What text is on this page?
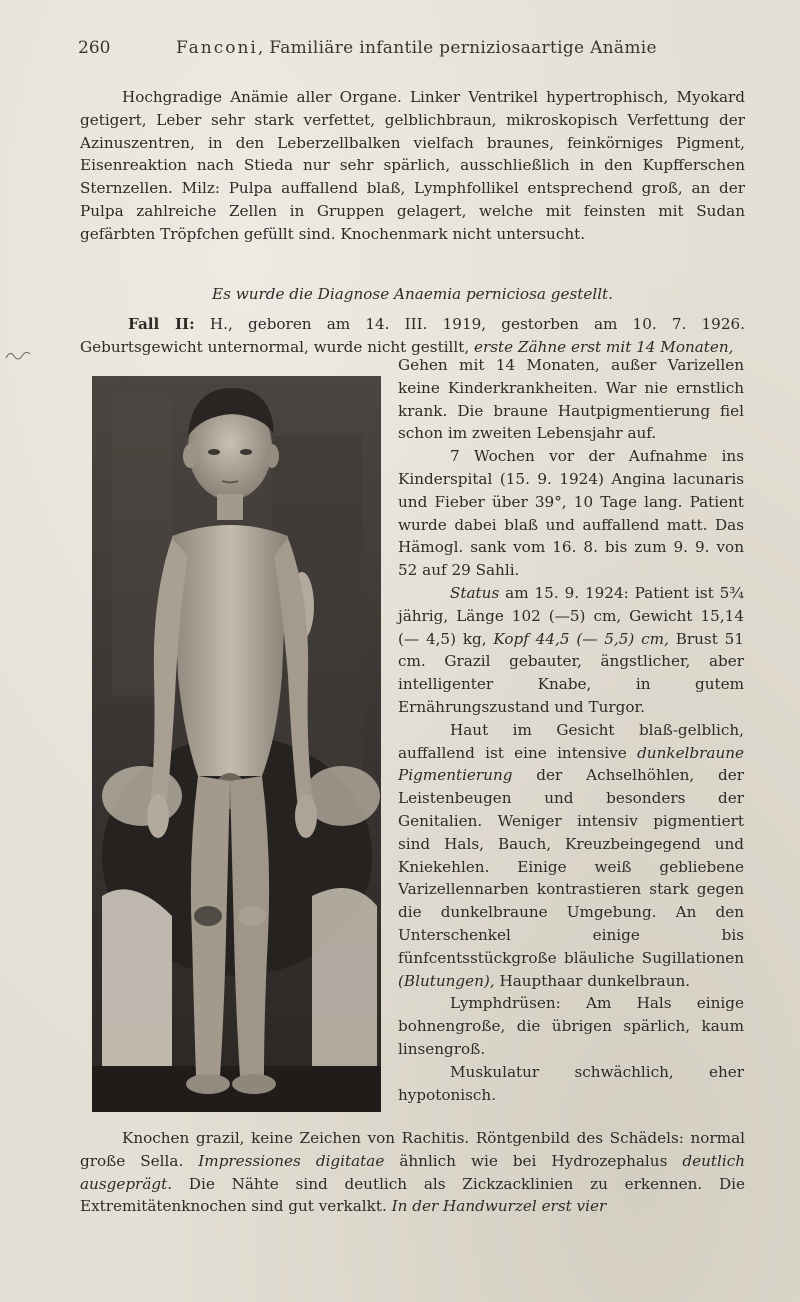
260	Fanconi, Familiäre infantile perniziosaartige Anämie
Hochgradige Anämie aller Organe. Linker Ventrikel hypertrophisch, Myokard getigert, Leber sehr stark verfettet, gelblichbraun, mikroskopisch Verfettung der Azinuszentren, in den Leberzellbalken vielfach braunes, feinkörniges Pigment, Eisenreaktion nach Stieda nur sehr spärlich, ausschließlich in den Kupfferschen Sternzellen. Milz: Pulpa auffallend blaß, Lymphfollikel entsprechend groß, an der Pulpa zahlreiche Zellen in Gruppen gelagert, welche mit feinsten mit Sudan gefärbten Tröpfchen gefüllt sind. Knochenmark nicht untersucht.
Es wurde die Diagnose Anaemia perniciosa gestellt.
Fall II: H., geboren am 14. III. 1919, gestorben am 10. 7. 1926. Geburtsgewicht unternormal, wurde nicht gestillt, erste Zähne erst mit 14 Monaten,

Gehen mit 14 Monaten, außer Varizellen keine Kinderkrankheiten. War nie ernstlich krank. Die braune Hautpigmentierung fiel schon im zweiten Lebensjahr auf.

7 Wochen vor der Aufnahme ins Kinderspital (15. 9. 1924) Angina lacunaris und Fieber über 39°, 10 Tage lang. Patient wurde dabei blaß und auffallend matt. Das Hämogl. sank vom 16. 8. bis zum 9. 9. von 52 auf 29 Sahli.

Status am 15. 9. 1924: Patient ist 5¾ jährig, Länge 102 (—5) cm, Gewicht 15,14 (— 4,5) kg, Kopf 44,5 (— 5,5) cm, Brust 51 cm. Grazil gebauter, ängstlicher, aber intelligenter Knabe, in gutem Ernährungszustand und Turgor.

Haut im Gesicht blaß-gelblich, auffallend ist eine intensive dunkelbraune Pigmentierung der Achselhöhlen, der Leistenbeugen und besonders der Genitalien. Weniger intensiv pigmentiert sind Hals, Bauch, Kreuzbeingegend und Kniekehlen. Einige weiß gebliebene Varizellennarben kontrastieren stark gegen die dunkelbraune Umgebung. An den Unterschenkel einige bis fünfcentsstückgroße bläuliche Sugillationen (Blutungen), Haupthaar dunkelbraun.

Lymphdrüsen: Am Hals einige bohnengroße, die übrigen spärlich, kaum linsengroß.

Muskulatur schwächlich, eher hypotonisch.

Knochen grazil, keine Zeichen von Rachitis. Röntgenbild des Schädels: normal große Sella. Impressiones digitatae ähnlich wie bei Hydrozephalus deutlich ausgeprägt. Die Nähte sind deutlich als Zickzacklinien zu erkennen. Die Extremitätenknochen sind gut verkalkt. In der Handwurzel erst vier
